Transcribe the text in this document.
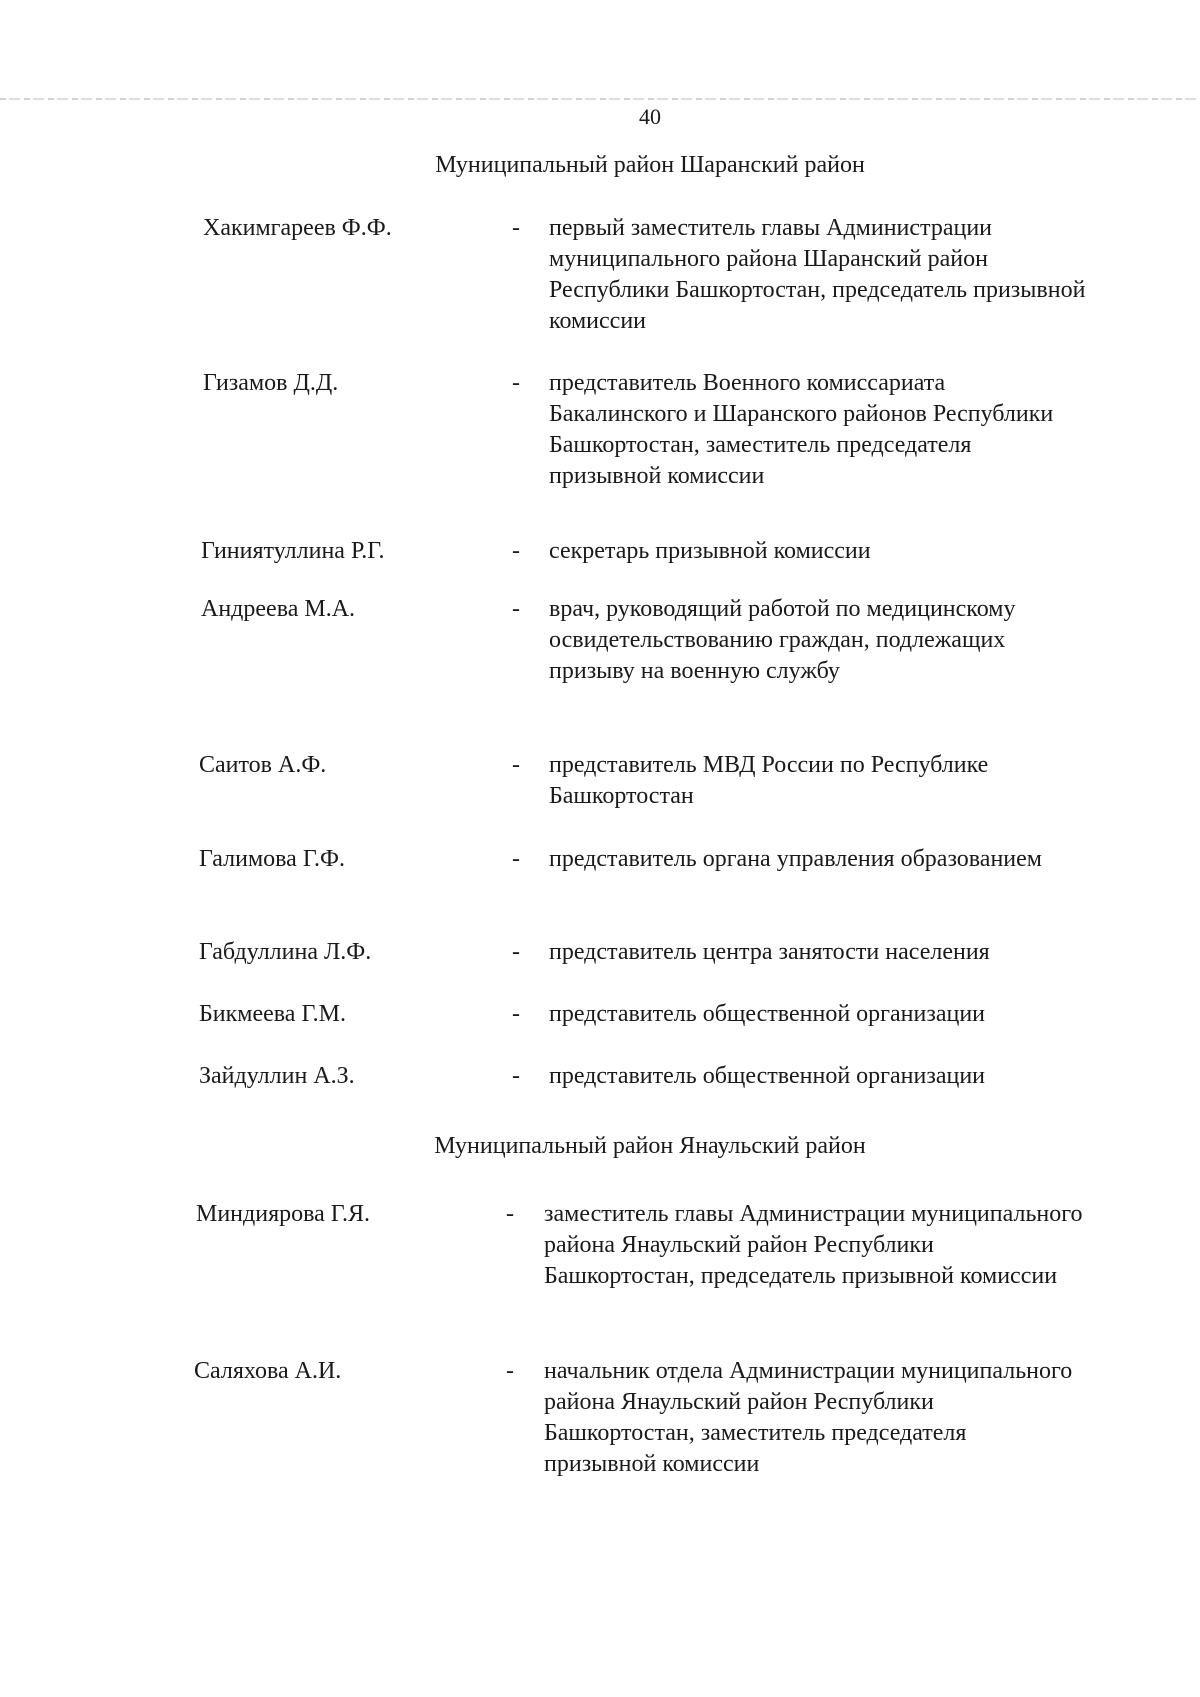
40
Муниципальный район Шаранский район
Хакимгареев Ф.Ф.	- первый заместитель главы Администрации муниципального района Шаранский район Республики Башкортостан, председатель призывной комиссии
Гизамов Д.Д.	- представитель Военного комиссариата Бакалинского и Шаранского районов Республики Башкортостан, заместитель председателя призывной комиссии
Гиниятуллина Р.Г.	- секретарь призывной комиссии
Андреева М.А.	- врач, руководящий работой по медицинскому освидетельствованию граждан, подлежащих призыву на военную службу
Саитов А.Ф.	- представитель МВД России по Республике Башкортостан
Галимова Г.Ф.	- представитель органа управления образованием
Габдуллина Л.Ф.	- представитель центра занятости населения
Бикмеева Г.М.	- представитель общественной организации
Зайдуллин А.З.	- представитель общественной организации
Муниципальный район Янаульский район
Миндиярова Г.Я.	- заместитель главы Администрации муниципального района Янаульский район Республики Башкортостан, председатель призывной комиссии
Саляхова А.И.	- начальник отдела Администрации муниципального района Янаульский район Республики Башкортостан, заместитель председателя призывной комиссии
